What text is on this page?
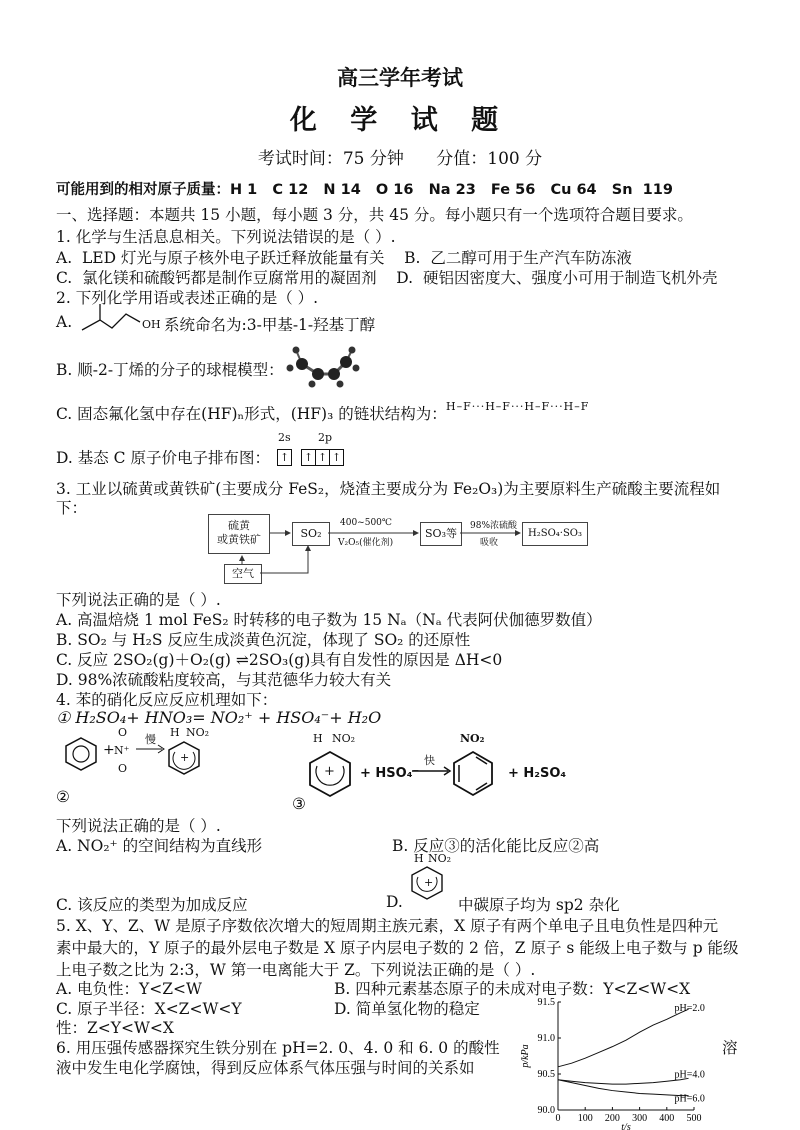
高三学年考试
化 学 试 题
考试时间：75 分钟      分值：100 分
可能用到的相对原子质量：H 1   C 12   N 14   O 16   Na 23   Fe 56   Cu 64   Sn  119
一、选择题：本题共 15 小题，每小题 3 分，共 45 分。每小题只有一个选项符合题目要求。
1. 化学与生活息息相关。下列说法错误的是（ ）.
A.  LED 灯光与原子核外电子跃迁释放能量有关    B.  乙二醇可用于生产汽车防冻液
C.  氯化镁和硫酸钙都是制作豆腐常用的凝固剂    D.  硬铝因密度大、强度小可用于制造飞机外壳
2. 下列化学用语或表述正确的是（ ）.
A.	OH 系统命名为:3-甲基-1-羟基丁醇
B. 顺-2-丁烯的分子的球棍模型：
C. 固态氟化氢中存在(HF)ₙ形式，(HF)₃ 的链状结构为： H–F···H–F···H–F···H–F
D. 基态 C 原子价电子排布图：
2s 2p
↑ ↑ ↑ ↑
3. 工业以硫黄或黄铁矿(主要成分 FeS₂，烧渣主要成分为 Fe₂O₃)为主要原料生产硫酸主要流程如
下：
硫黄
或黄铁矿	SO₂
400~500℃
V₂O₅(催化剂)
SO₃等
98%浓硫酸
吸收
H₂SO₄·SO₃
空气
下列说法正确的是（ ）.
A. 高温焙烧 1 mol FeS₂ 时转移的电子数为 15 Nₐ（Nₐ 代表阿伏伽德罗数值）
B. SO₂ 与 H₂S 反应生成淡黄色沉淀，体现了 SO₂ 的还原性
C. 反应 2SO₂(g)＋O₂(g) ⇌2SO₃(g)具有自发性的原因是 ΔH<0
D. 98%浓硫酸粘度较高，与其范德华力较大有关
4. 苯的硝化反应反应机理如下：
① H₂SO₄+ HNO₃= NO₂⁺ + HSO₄⁻+ H₂O
+
O
N⁺
O
慢
+
H NO₂
②
H NO₂
+ + HSO₄⁻
快
NO₂
+ H₂SO₄
③
下列说法正确的是（ ）.
A. NO₂⁺ 的空间结构为直线形	B. 反应③的活化能比反应②高
H NO₂
+
C. 该反应的类型为加成反应	D.	中碳原子均为 sp2 杂化
5. X、Y、Z、W 是原子序数依次增大的短周期主族元素，X 原子有两个单电子且电负性是四种元
素中最大的，Y 原子的最外层电子数是 X 原子内层电子数的 2 倍，Z 原子 s 能级上电子数与 p 能级
上电子数之比为 2:3，W 第一电离能大于 Z。下列说法正确的是（ ）.
A. 电负性：Y<Z<W	B. 四种元素基态原子的未成对电子数：Y<Z<W<X
C. 原子半径：X<Z<W<Y	D. 简单氢化物的稳定
性：Z<Y<W<X
6. 用压强传感器探究生铁分别在 pH=2. 0、4. 0 和 6. 0 的酸性	溶
液中发生电化学腐蚀，得到反应体系气体压强与时间的关系如
0 100 200 300 400 500
90.0
90.5
91.0
91.5
t/s
p/kPa
pH=2.0
pH=4.0
pH=6.0
